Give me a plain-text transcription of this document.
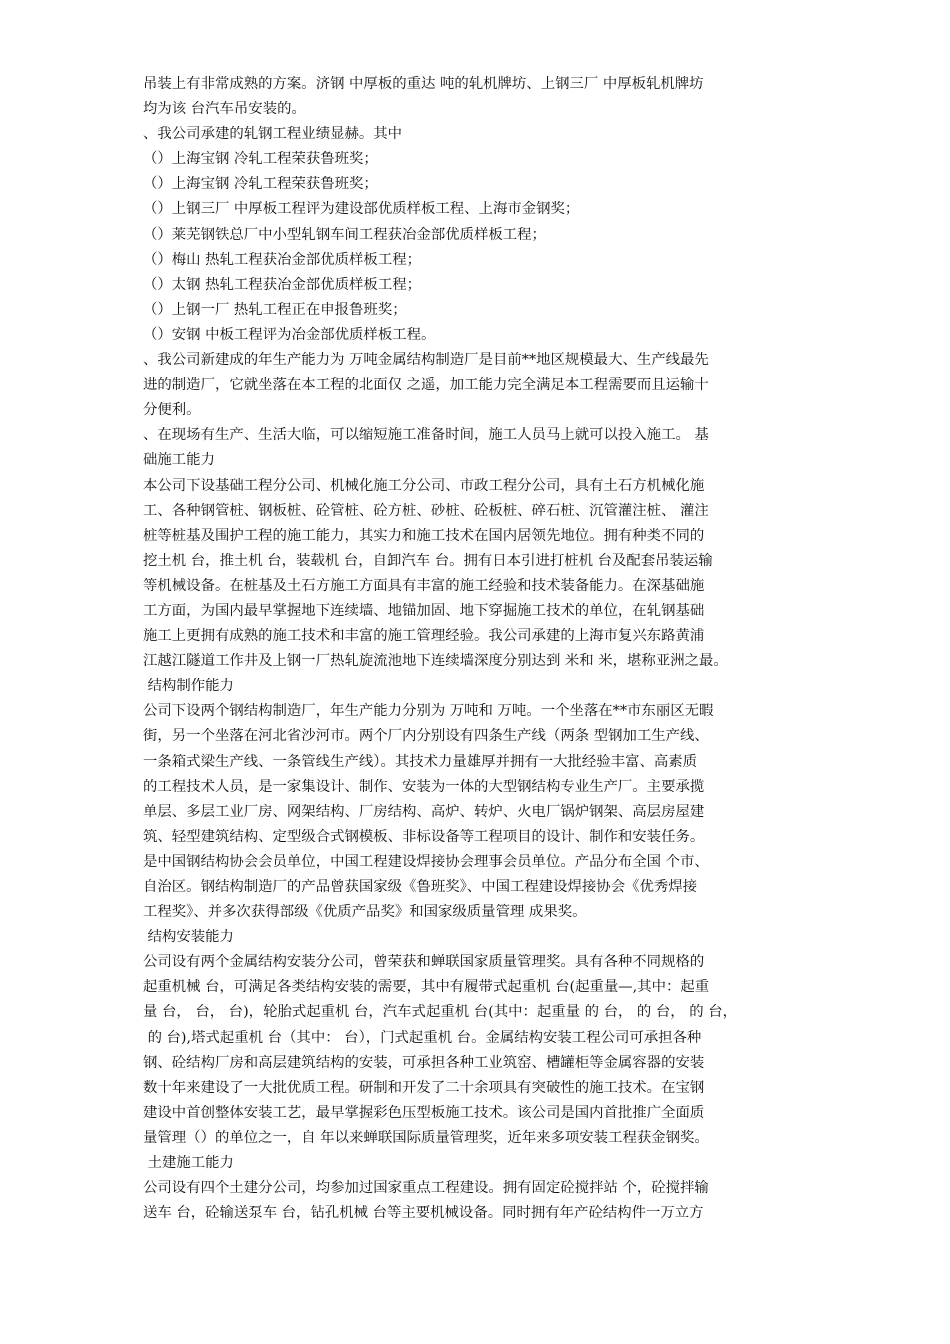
吊装上有非常成熟的方案。济钢 中厚板的重达 吨的轧机牌坊、上钢三厂 中厚板轧机牌坊
均为该 台汽车吊安装的。
、我公司承建的轧钢工程业绩显赫。其中
（）上海宝钢 冷轧工程荣获鲁班奖；
（）上海宝钢 冷轧工程荣获鲁班奖；
（）上钢三厂 中厚板工程评为建设部优质样板工程、上海市金钢奖；
（）莱芜钢铁总厂中小型轧钢车间工程获冶金部优质样板工程；
（）梅山 热轧工程获冶金部优质样板工程；
（）太钢 热轧工程获冶金部优质样板工程；
（）上钢一厂 热轧工程正在申报鲁班奖；
（）安钢 中板工程评为冶金部优质样板工程。
、我公司新建成的年生产能力为 万吨金属结构制造厂是目前**地区规模最大、生产线最先
进的制造厂，它就坐落在本工程的北面仅 之遥，加工能力完全满足本工程需要而且运输十
分便利。
、在现场有生产、生活大临，可以缩短施工准备时间，施工人员马上就可以投入施工。 基
础施工能力
本公司下设基础工程分公司、机械化施工分公司、市政工程分公司，具有土石方机械化施
工、各种钢管桩、钢板桩、砼管桩、砼方桩、砂桩、砼板桩、碎石桩、沉管灌注桩、 灌注
桩等桩基及围护工程的施工能力，其实力和施工技术在国内居领先地位。拥有种类不同的
挖土机 台，推土机 台，装载机 台，自卸汽车 台。拥有日本引进打桩机 台及配套吊装运输
等机械设备。在桩基及土石方施工方面具有丰富的施工经验和技术装备能力。在深基础施
工方面，为国内最早掌握地下连续墙、地锚加固、地下穿掘施工技术的单位，在轧钢基础
施工上更拥有成熟的施工技术和丰富的施工管理经验。我公司承建的上海市复兴东路黄浦
江越江隧道工作井及上钢一厂热轧旋流池地下连续墙深度分别达到 米和 米，堪称亚洲之最。
结构制作能力
公司下设两个钢结构制造厂，年生产能力分别为 万吨和 万吨。一个坐落在**市东丽区无暇
街，另一个坐落在河北省沙河市。两个厂内分别设有四条生产线（两条 型钢加工生产线、
一条箱式梁生产线、一条管线生产线）。其技术力量雄厚并拥有一大批经验丰富、高素质
的工程技术人员，是一家集设计、制作、安装为一体的大型钢结构专业生产厂。主要承揽
单层、多层工业厂房、网架结构、厂房结构、高炉、转炉、火电厂锅炉钢架、高层房屋建
筑、轻型建筑结构、定型级合式钢模板、非标设备等工程项目的设计、制作和安装任务。
是中国钢结构协会会员单位，中国工程建设焊接协会理事会员单位。产品分布全国 个市、
自治区。钢结构制造厂的产品曾获国家级《鲁班奖》、中国工程建设焊接协会《优秀焊接
工程奖》、并多次获得部级《优质产品奖》和国家级质量管理 成果奖。
结构安装能力
公司设有两个金属结构安装分公司，曾荣获和蝉联国家质量管理奖。具有各种不同规格的
起重机械 台，可满足各类结构安装的需要，其中有履带式起重机 台(起重量—,其中：起重
量 台， 台， 台)，轮胎式起重机 台，汽车式起重机 台(其中：起重量 的 台， 的 台， 的 台，
的 台),塔式起重机 台（其中： 台），门式起重机 台。金属结构安装工程公司可承担各种
钢、砼结构厂房和高层建筑结构的安装，可承担各种工业筑窑、槽罐柜等金属容器的安装
数十年来建设了一大批优质工程。研制和开发了二十余项具有突破性的施工技术。在宝钢
建设中首创整体安装工艺，最早掌握彩色压型板施工技术。该公司是国内首批推广全面质
量管理（）的单位之一，自 年以来蝉联国际质量管理奖，近年来多项安装工程获金钢奖。
土建施工能力
公司设有四个土建分公司，均参加过国家重点工程建设。拥有固定砼搅拌站 个，砼搅拌输
送车 台，砼输送泵车 台，钻孔机械 台等主要机械设备。同时拥有年产砼结构件一万立方
